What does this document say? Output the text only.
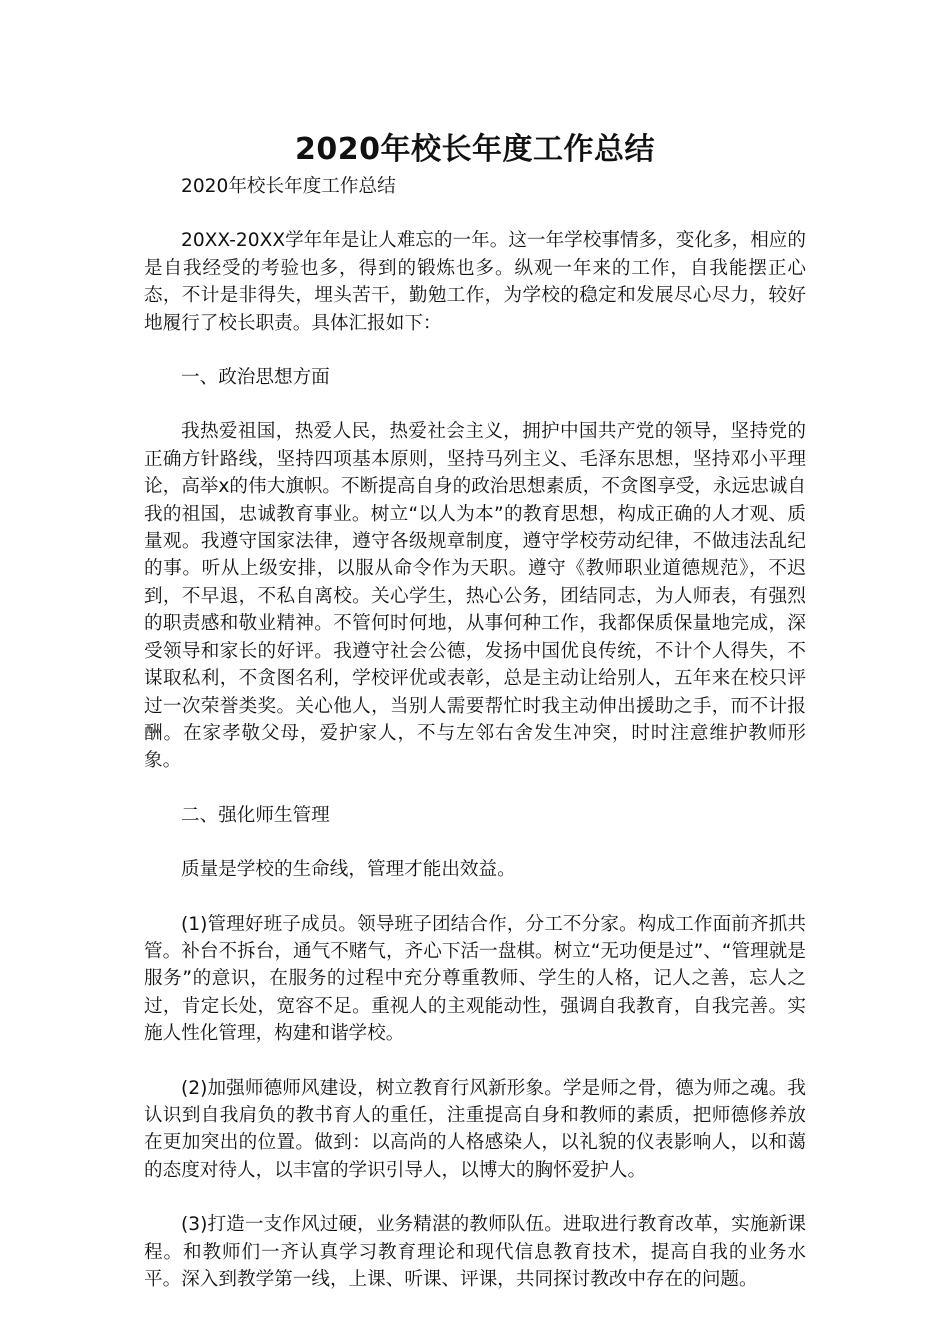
2020年校长年度工作总结

2020年校长年度工作总结

20XX-20XX学年年是让人难忘的一年。这一年学校事情多，变化多，相应的是自我经受的考验也多，得到的锻炼也多。纵观一年来的工作，自我能摆正心态，不计是非得失，埋头苦干，勤勉工作，为学校的稳定和发展尽心尽力，较好地履行了校长职责。具体汇报如下：

一、政治思想方面

我热爱祖国，热爱人民，热爱社会主义，拥护中国共产党的领导，坚持党的正确方针路线，坚持四项基本原则，坚持马列主义、毛泽东思想，坚持邓小平理论，高举x的伟大旗帜。不断提高自身的政治思想素质，不贪图享受，永远忠诚自我的祖国，忠诚教育事业。树立“以人为本”的教育思想，构成正确的人才观、质量观。我遵守国家法律，遵守各级规章制度，遵守学校劳动纪律，不做违法乱纪的事。听从上级安排，以服从命令作为天职。遵守《教师职业道德规范》，不迟到，不早退，不私自离校。关心学生，热心公务，团结同志，为人师表，有强烈的职责感和敬业精神。不管何时何地，从事何种工作，我都保质保量地完成，深受领导和家长的好评。我遵守社会公德，发扬中国优良传统，不计个人得失，不谋取私利，不贪图名利，学校评优或表彰，总是主动让给别人，五年来在校只评过一次荣誉类奖。关心他人，当别人需要帮忙时我主动伸出援助之手，而不计报酬。在家孝敬父母，爱护家人，不与左邻右舍发生冲突，时时注意维护教师形象。

二、强化师生管理

质量是学校的生命线，管理才能出效益。

(1)管理好班子成员。领导班子团结合作，分工不分家。构成工作面前齐抓共管。补台不拆台，通气不赌气，齐心下活一盘棋。树立“无功便是过”、“管理就是服务”的意识，在服务的过程中充分尊重教师、学生的人格，记人之善，忘人之过，肯定长处，宽容不足。重视人的主观能动性，强调自我教育，自我完善。实施人性化管理，构建和谐学校。

(2)加强师德师风建设，树立教育行风新形象。学是师之骨，德为师之魂。我认识到自我肩负的教书育人的重任，注重提高自身和教师的素质，把师德修养放在更加突出的位置。做到：以高尚的人格感染人，以礼貌的仪表影响人，以和蔼的态度对待人，以丰富的学识引导人，以博大的胸怀爱护人。

(3)打造一支作风过硬，业务精湛的教师队伍。进取进行教育改革，实施新课程。和教师们一齐认真学习教育理论和现代信息教育技术，提高自我的业务水平。深入到教学第一线，上课、听课、评课，共同探讨教改中存在的问题。
